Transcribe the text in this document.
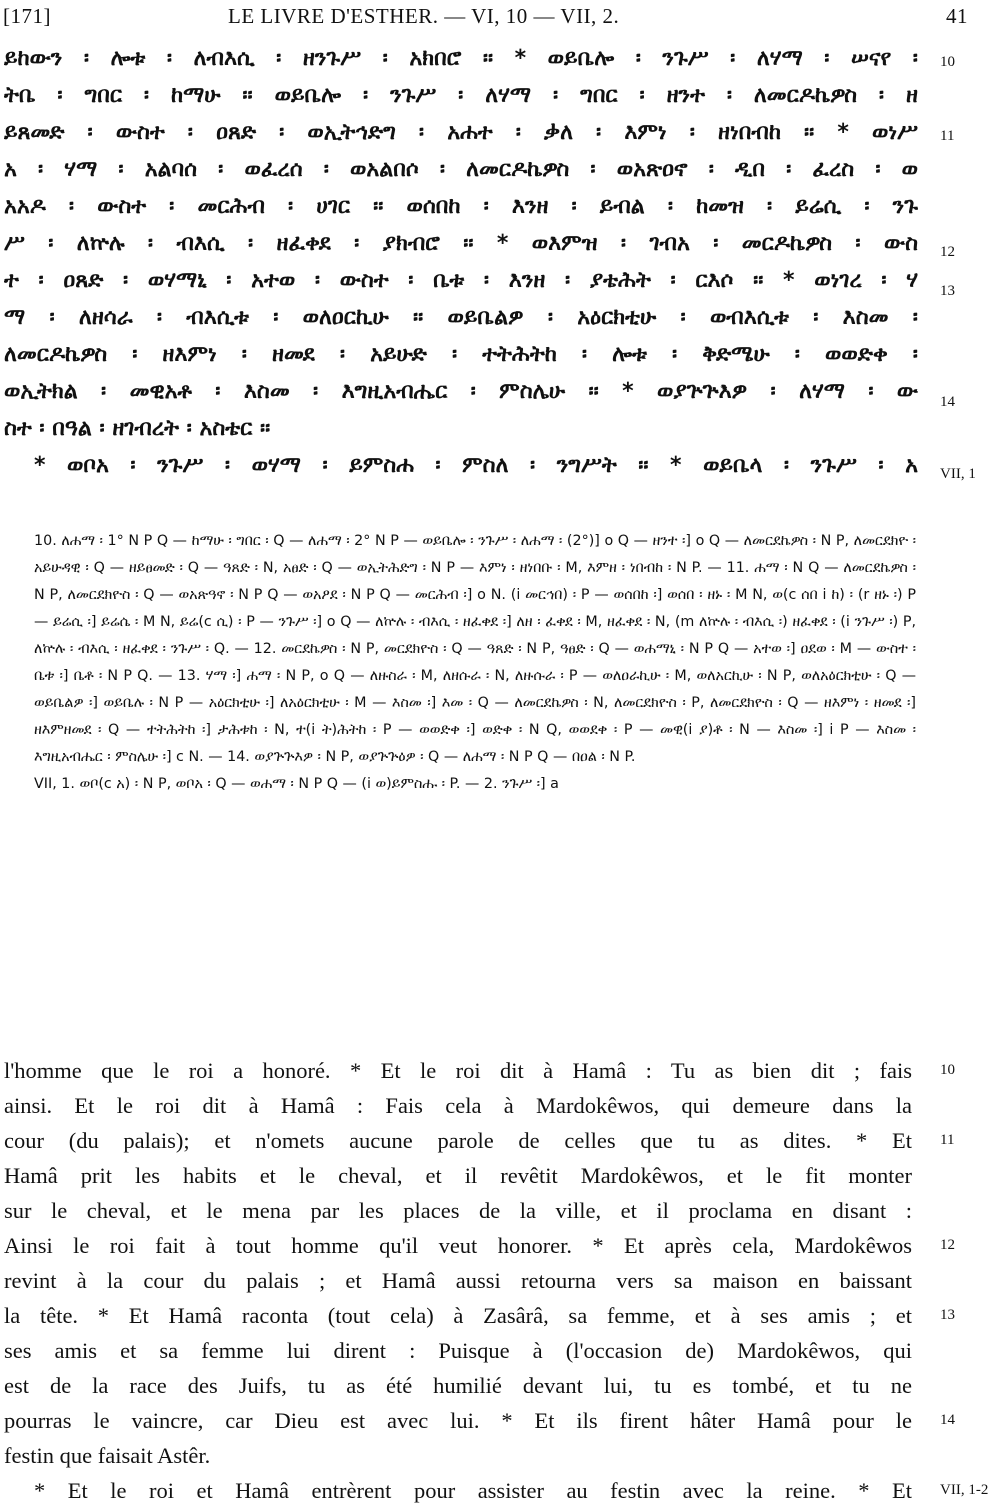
[171]	LE LIVRE D'ESTHER. — VI, 10 — VII, 2.	41
ይከውን ፡ ሎቱ ፡ ለብእሲ ፡ ዘንጉሥ ፡ አክበሮ ። * ወይቤሎ ፡ ንጉሥ ፡ ለሃማ ፡ ሠናየ ፡
ትቤ ፡ ግበር ፡ ከማሁ ። ወይቤሎ ፡ ንጉሥ ፡ ለሃማ ፡ ግበር ፡ ዘንተ ፡ ለመርዶኬዎስ ፡ ዘ
ይጸመድ ፡ ውስተ ፡ ዐጸድ ፡ ወኢትኅድግ ፡ አሐተ ፡ ቃለ ፡ እምነ ፡ ዘነበብከ ። * ወነሥ
አ ፡ ሃማ ፡ አልባሰ ፡ ወፈረሰ ፡ ወአልበሶ ፡ ለመርዶኬዎስ ፡ ወአጽዐኖ ፡ ዲበ ፡ ፈረስ ፡ ወ
አአዶ ፡ ውስተ ፡ መርሕብ ፡ ሀገር ። ወሰበከ ፡ እንዘ ፡ ይብል ፡ ከመዝ ፡ ይሬሲ ፡ ንጉ
ሥ ፡ ለኵሉ ፡ ብእሲ ፡ ዘፈቀደ ፡ ያክብሮ ። * ወእምዝ ፡ ገብአ ፡ መርዶኬዎስ ፡ ውስ
ተ ፡ ዐጸድ ፡ ወሃማኒ ፡ አተወ ፡ ውስተ ፡ ቤቱ ፡ እንዘ ፡ ያቴሕት ፡ ርእሶ ። * ወነገረ ፡ ሃ
ማ ፡ ለዘሳራ ፡ ብእሲቱ ፡ ወለዐርኪሁ ። ወይቤልዎ ፡ አዕርክቲሁ ፡ ወብእሲቱ ፡ እስመ ፡
ለመርዶኬዎስ ፡ ዘእምነ ፡ ዘመደ ፡ አይሁድ ፡ ተትሕትከ ፡ ሎቱ ፡ ቅድሜሁ ፡ ወወድቀ ፡
ወኢትክል ፡ መዊአቶ ፡ እስመ ፡ እግዚአብሔር ፡ ምስሌሁ ። * ወያጕጕእዎ ፡ ለሃማ ፡ ው
ስተ ፡ በዓል ፡ ዘገብረት ፡ አስቴር ።
* ወቦአ ፡ ንጉሥ ፡ ወሃማ ፡ ይምስሐ ፡ ምስለ ፡ ንግሥት ። * ወይቤላ ፡ ንጉሥ ፡ አ
10
11
12
13
14
VII, 1

10. ለሐማ ፡ 1° N P Q — ከማሁ ፡ ግበር ፡ Q — ለሐማ ፡ 2° N P — ወይቤሎ ፡ ንጉሥ ፡ ለሐማ ፡ (2°)] o Q — ዘንተ ፡] o Q — ለመርደኬዎስ ፡ N P, ለመርደክዮ ፡ አይሁዳዊ ፡ Q — ዘይፀመድ ፡ Q — ዓጸድ ፡ N, አፀድ ፡ Q — ወኢትሕድግ ፡ N P — እምነ ፡ ዘነበቡ ፡ M, እምዘ ፡ ነበብከ ፡ N P. — 11. ሐማ ፡ N Q — ለመርደኬዎስ ፡ N P, ለመርደክዮስ ፡ Q — ወአጽዓኖ ፡ N P Q — ወአዖደ ፡ N P Q — መርሕብ ፡] o N. (i መርኅበ) ፡ P — ወሰበከ ፡] ወሰበ ፡ ዘኑ ፡ M N, ወ(c ሰበ i ከ) ፡ (r ዘኑ ፡) P — ይሬሲ ፡] ይሬሴ ፡ M N, ይሬ(c ሲ) ፡ P — ንጉሥ ፡] o Q — ለኵሉ ፡ ብእሲ ፡ ዘፈቀደ ፡] ለዘ ፡ ፈቀደ ፡ M, ዘፈቀደ ፡ N, (m ለኵሉ ፡ ብእሲ ፡) ዘፈቀደ ፡ (i ንጉሥ ፡) P, ለኵሉ ፡ ብእሲ ፡ ዘፈቀደ ፡ ንጉሥ ፡ Q. — 12. መርደኬዎስ ፡ N P, መርደክዮስ ፡ Q — ዓጸድ ፡ N P, ዓፀድ ፡ Q — ወሐማኒ ፡ N P Q — አተወ ፡] ዐደወ ፡ M — ውስተ ፡ ቤቱ ፡] ቤቶ ፡ N P Q. — 13. ሃማ ፡] ሐማ ፡ N P, o Q — ለዙስራ ፡ M, ለዘሱራ ፡ N, ለዙሱራ ፡ P — ወለዐራኪሁ ፡ M, ወለአርኪሁ ፡ N P, ወለአዕርክቲሁ ፡ Q — ወይቤልዎ ፡] ወይቤሉ ፡ N P — አዕርክቲሁ ፡] ለአዕርክቲሁ ፡ M — እስመ ፡] እመ ፡ Q — ለመርደኬዎስ ፡ N, ለመርደክዮስ ፡ P, ለመርደክዮስ ፡ Q — ዘእምነ ፡ ዘመደ ፡] ዘእምዘመደ ፡ Q — ተትሕትከ ፡] ታሕቱከ ፡ N, ተ(i ት)ሕትከ ፡ P — ወወድቀ ፡] ወድቀ ፡ N Q, ወወደቀ ፡ P — መዊ(i ያ)ቶ ፡ N — እስመ ፡] i P — እስመ ፡ እግዚአብሔር ፡ ምስሌሁ ፡] c N. — 14. ወያጕጕእዎ ፡ N P, ወያጕጕዕዎ ፡ Q — ለሐማ ፡ N P Q — በዐል ፡ N P.

VII, 1. ወቦ(c አ) ፡ N P, ወቦአ ፡ Q — ወሐማ ፡ N P Q — (i ወ)ይምስሑ ፡ P. — 2. ንጉሥ ፡] a

l'homme que le roi a honoré. * Et le roi dit à Hamâ : Tu as bien dit ; fais
ainsi. Et le roi dit à Hamâ : Fais cela à Mardokêwos, qui demeure dans la
cour (du palais); et n'omets aucune parole de celles que tu as dites. * Et
Hamâ prit les habits et le cheval, et il revêtit Mardokêwos, et le fit monter
sur le cheval, et le mena par les places de la ville, et il proclama en disant :
Ainsi le roi fait à tout homme qu'il veut honorer. * Et après cela, Mardokêwos
revint à la cour du palais ; et Hamâ aussi retourna vers sa maison en baissant
la tête. * Et Hamâ raconta (tout cela) à Zasârâ, sa femme, et à ses amis ; et
ses amis et sa femme lui dirent : Puisque à (l'occasion de) Mardokêwos, qui
est de la race des Juifs, tu as été humilié devant lui, tu es tombé, et tu ne
pourras le vaincre, car Dieu est avec lui. * Et ils firent hâter Hamâ pour le
festin que faisait Astêr.
* Et le roi et Hamâ entrèrent pour assister au festin avec la reine. * Et
10
11
12
13
14
VII, 1-2
